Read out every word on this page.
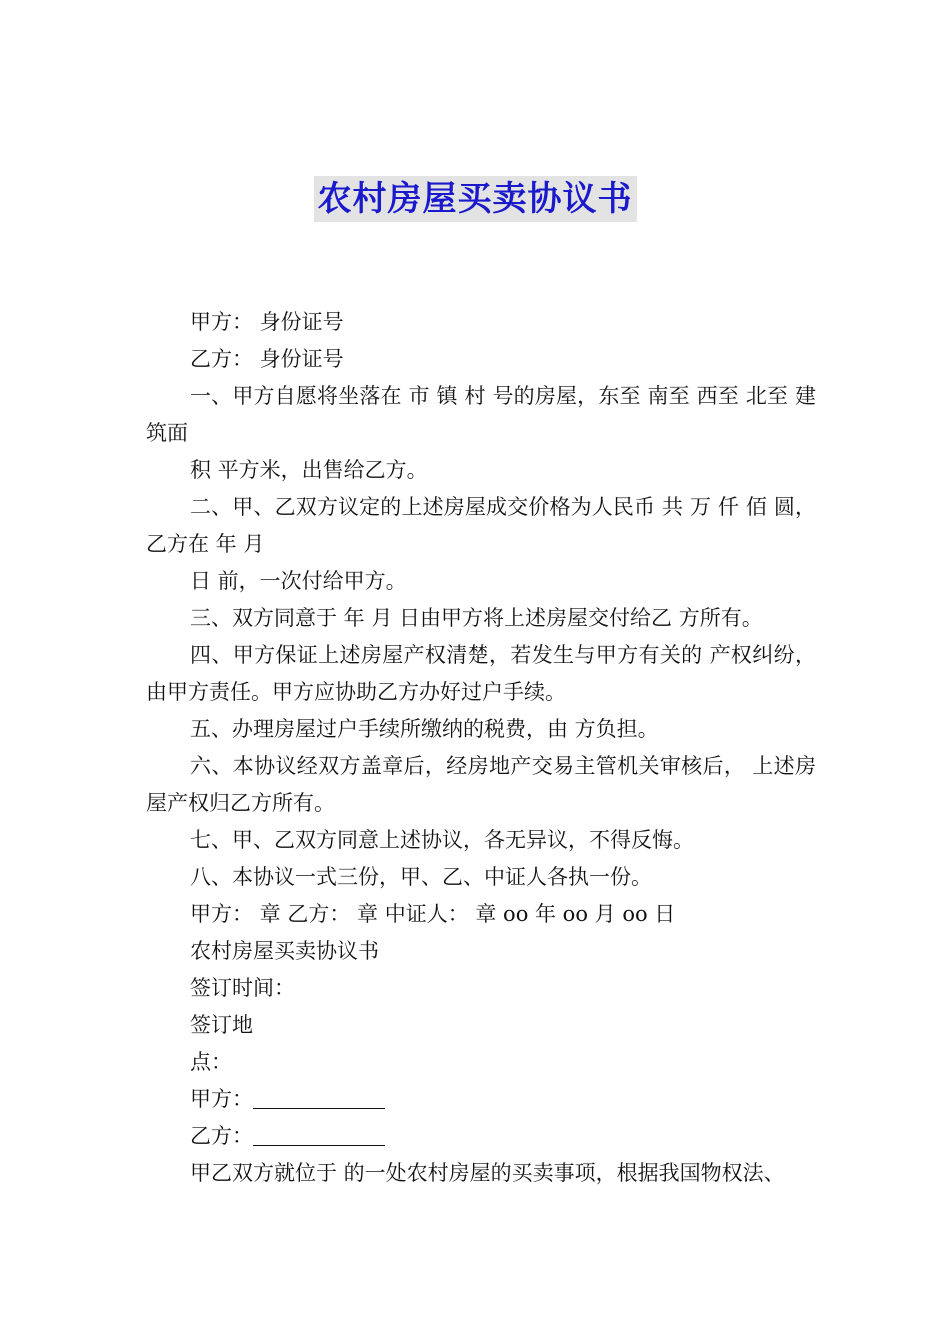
农村房屋买卖协议书

甲方： 身份证号

乙方： 身份证号

一、甲方自愿将坐落在 市 镇 村 号的房屋，东至 南至 西至 北至 建筑面

积 平方米，出售给乙方。

二、甲、乙双方议定的上述房屋成交价格为人民币 共 万 仟 佰 圆，乙方在 年 月

日 前，一次付给甲方。

三、双方同意于 年 月 日由甲方将上述房屋交付给乙 方所有。

四、甲方保证上述房屋产权清楚，若发生与甲方有关的 产权纠纷，由甲方责任。甲方应协助乙方办好过户手续。

五、办理房屋过户手续所缴纳的税费，由 方负担。

六、本协议经双方盖章后，经房地产交易主管机关审核后， 上述房屋产权归乙方所有。

七、甲、乙双方同意上述协议，各无异议，不得反悔。

八、本协议一式三份，甲、乙、中证人各执一份。

甲方： 章 乙方： 章 中证人： 章 oo 年 oo 月 oo 日

农村房屋买卖协议书

签订时间：

签订地

点：

甲方：

乙方：

甲乙双方就位于 的一处农村房屋的买卖事项，根据我国物权法、
